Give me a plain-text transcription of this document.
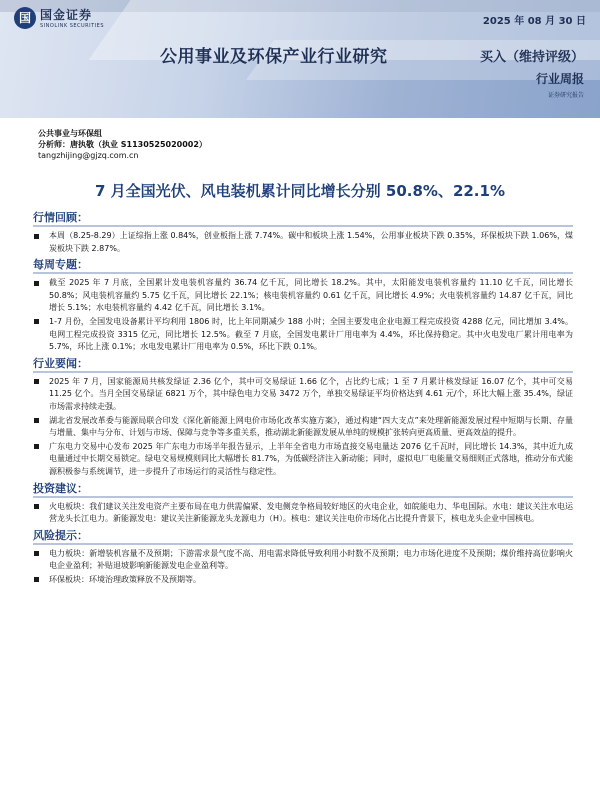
国 国金证券
SINOLINK SECURITIES	2025 年 08 月 30 日
公用事业及环保产业行业研究	买入（维持评级）
行业周报
证券研究报告
公共事业与环保组
分析师：唐执敬（执业 S1130525020002）
tangzhijing@gjzq.com.cn
7 月全国光伏、风电装机累计同比增长分别 50.8%、22.1%
行情回顾：
本周（8.25-8.29）上证综指上涨 0.84%，创业板指上涨 7.74%。碳中和板块上涨 1.54%，公用事业板块下跌 0.35%，环保板块下跌 1.06%，煤炭板块下跌 2.87%。
每周专题：
截至 2025 年 7 月底，全国累计发电装机容量约 36.74 亿千瓦，同比增长 18.2%。其中，太阳能发电装机容量约 11.10 亿千瓦，同比增长 50.8%；风电装机容量约 5.75 亿千瓦，同比增长 22.1%；核电装机容量约 0.61 亿千瓦，同比增长 4.9%；火电装机容量约 14.87 亿千瓦，同比增长 5.1%；水电装机容量约 4.42 亿千瓦，同比增长 3.1%。
1-7 月份，全国发电设备累计平均利用 1806 时，比上年同期减少 188 小时；全国主要发电企业电源工程完成投资 4288 亿元，同比增加 3.4%。电网工程完成投资 3315 亿元，同比增长 12.5%。截至 7 月底，全国发电累计厂用电率为 4.4%，环比保持稳定。其中火电发电厂累计用电率为 5.7%，环比上涨 0.1%；水电发电累计厂用电率为 0.5%，环比下跌 0.1%。
行业要闻：
2025 年 7 月，国家能源局共核发绿证 2.36 亿个，其中可交易绿证 1.66 亿个，占比约七成；1 至 7 月累计核发绿证 16.07 亿个，其中可交易 11.25 亿个。当月全国交易绿证 6821 万个，其中绿色电力交易 3472 万个，单独交易绿证平均价格达到 4.61 元/个，环比大幅上涨 35.4%，绿证市场需求持续走强。
湖北省发展改革委与能源局联合印发《深化新能源上网电价市场化改革实施方案》，通过构建“四大支点”来处理新能源发展过程中短期与长期、存量与增量、集中与分布、计划与市场、保障与竞争等多重关系，推动湖北新能源发展从单纯的规模扩张转向更高质量、更高效益的提升。
广东电力交易中心发布 2025 年广东电力市场半年报告显示，上半年全省电力市场直接交易电量达 2076 亿千瓦时，同比增长 14.3%，其中近九成电量通过中长期交易锁定。绿电交易规模则同比大幅增长 81.7%，为低碳经济注入新动能；同时，虚拟电厂电能量交易细则正式落地，推动分布式能源积极参与系统调节，进一步提升了市场运行的灵活性与稳定性。
投资建议：
火电板块：我们建议关注发电资产主要布局在电力供需偏紧、发电侧竞争格局较好地区的火电企业，如皖能电力、华电国际。水电：建议关注水电运营龙头长江电力。新能源发电：建议关注新能源龙头龙源电力（H）。核电：建议关注电价市场化占比提升背景下，核电龙头企业中国核电。
风险提示：
电力板块：新增装机容量不及预期；下游需求景气度不高、用电需求降低导致利用小时数不及预期；电力市场化进度不及预期；煤价维持高位影响火电企业盈利；补贴退坡影响新能源发电企业盈利等。
环保板块：环境治理政策释放不及预期等。
